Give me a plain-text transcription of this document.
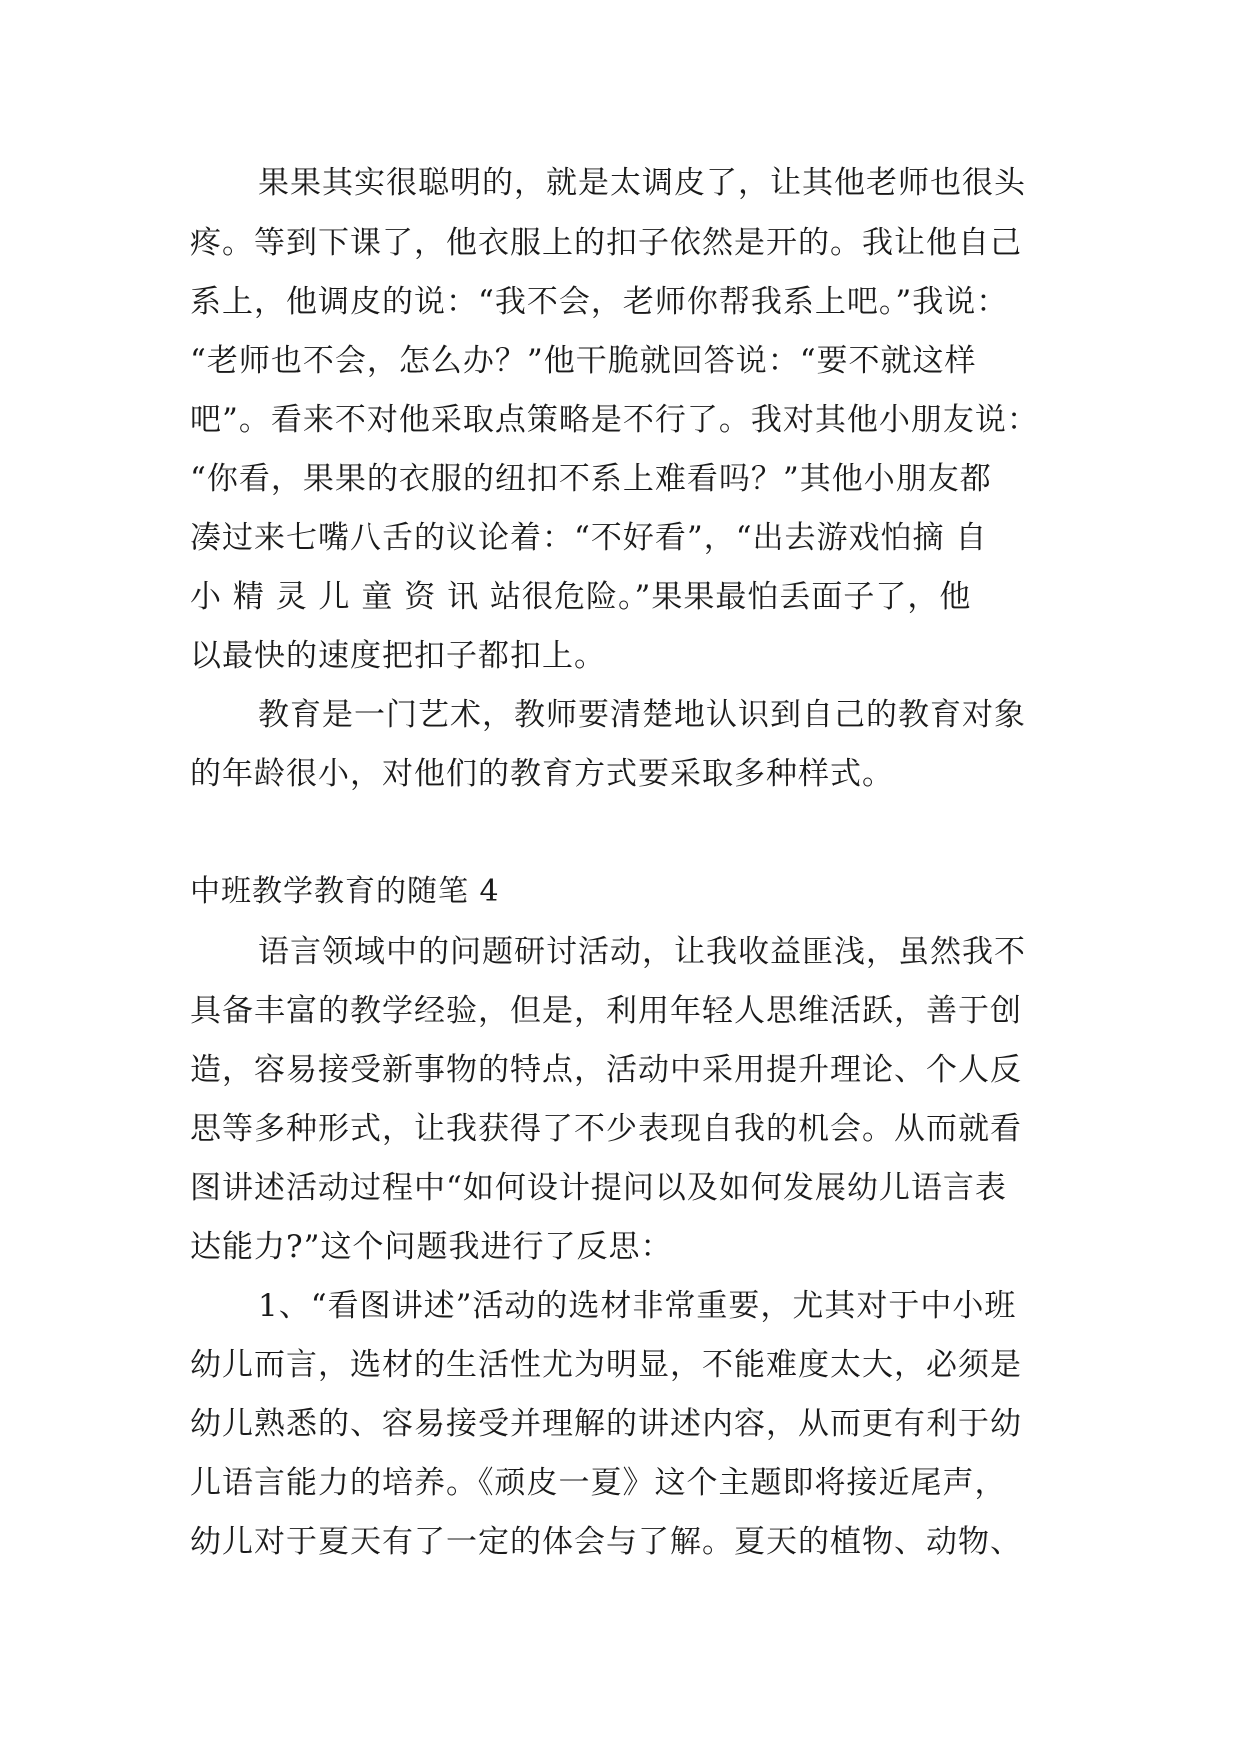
果果其实很聪明的，就是太调皮了，让其他老师也很头
疼。等到下课了，他衣服上的扣子依然是开的。我让他自己
系上，他调皮的说：“我不会，老师你帮我系上吧。”我说：
“老师也不会，怎么办？”他干脆就回答说：“要不就这样
吧”。看来不对他采取点策略是不行了。我对其他小朋友说：
“你看，果果的衣服的纽扣不系上难看吗？”其他小朋友都
凑过来七嘴八舌的议论着：“不好看”，“出去游戏怕摘 自
小 精 灵 儿 童 资 讯 站很危险。”果果最怕丢面子了，他
以最快的速度把扣子都扣上。
教育是一门艺术，教师要清楚地认识到自己的教育对象
的年龄很小，对他们的教育方式要采取多种样式。
中班教学教育的随笔 4
语言领域中的问题研讨活动，让我收益匪浅，虽然我不
具备丰富的教学经验，但是，利用年轻人思维活跃，善于创
造，容易接受新事物的特点，活动中采用提升理论、个人反
思等多种形式，让我获得了不少表现自我的机会。从而就看
图讲述活动过程中“如何设计提问以及如何发展幼儿语言表
达能力?”这个问题我进行了反思：
1、“看图讲述”活动的选材非常重要，尤其对于中小班
幼儿而言，选材的生活性尤为明显，不能难度太大，必须是
幼儿熟悉的、容易接受并理解的讲述内容，从而更有利于幼
儿语言能力的培养。《顽皮一夏》这个主题即将接近尾声，
幼儿对于夏天有了一定的体会与了解。夏天的植物、动物、
